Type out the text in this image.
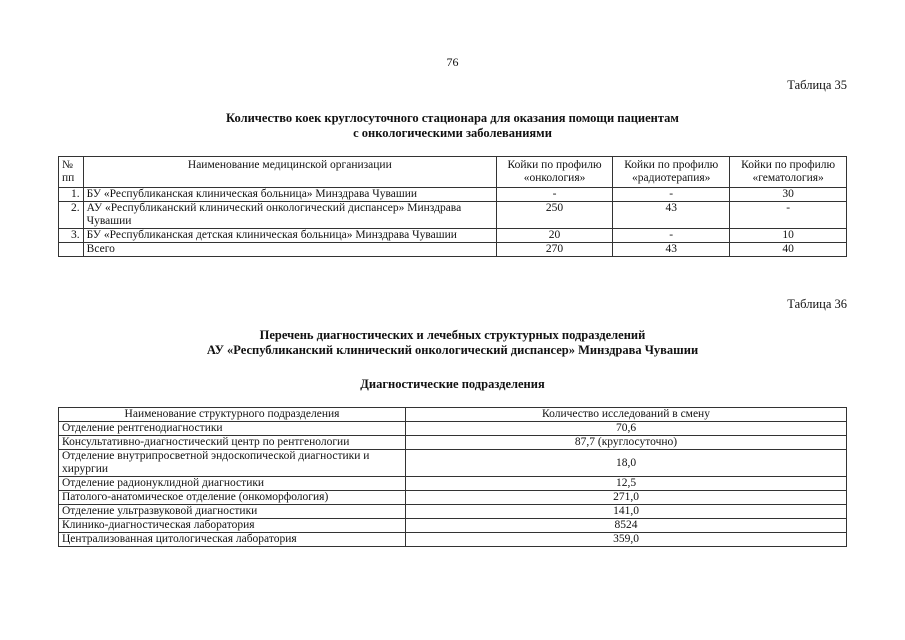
76
Таблица 35
Количество коек круглосуточного стационара для оказания помощи пациентам
с онкологическими заболеваниями
№ пп	Наименование медицинской организации	Койки по профилю «онкология»	Койки по профилю «радиотерапия»	Койки по профилю «гематология»
1.	БУ «Республиканская клиническая больница» Минздрава Чувашии	-	-	30
2.	АУ «Республиканский клинический онкологический диспансер» Минздрава Чувашии	250	43	-
3.	БУ «Республиканская детская клиническая больница» Минздрава Чувашии	20	-	10
	Всего	270	43	40
Таблица 36
Перечень диагностических и лечебных структурных подразделений
АУ «Республиканский клинический онкологический диспансер» Минздрава Чувашии
Диагностические подразделения
Наименование структурного подразделения	Количество исследований в смену
Отделение рентгенодиагностики	70,6
Консультативно-диагностический центр по рентгенологии	87,7 (круглосуточно)
Отделение внутрипросветной эндоскопической диагностики и хирургии	18,0
Отделение радионуклидной диагностики	12,5
Патолого-анатомическое отделение (онкоморфология)	271,0
Отделение ультразвуковой диагностики	141,0
Клинико-диагностическая лаборатория	8524
Централизованная цитологическая лаборатория	359,0
